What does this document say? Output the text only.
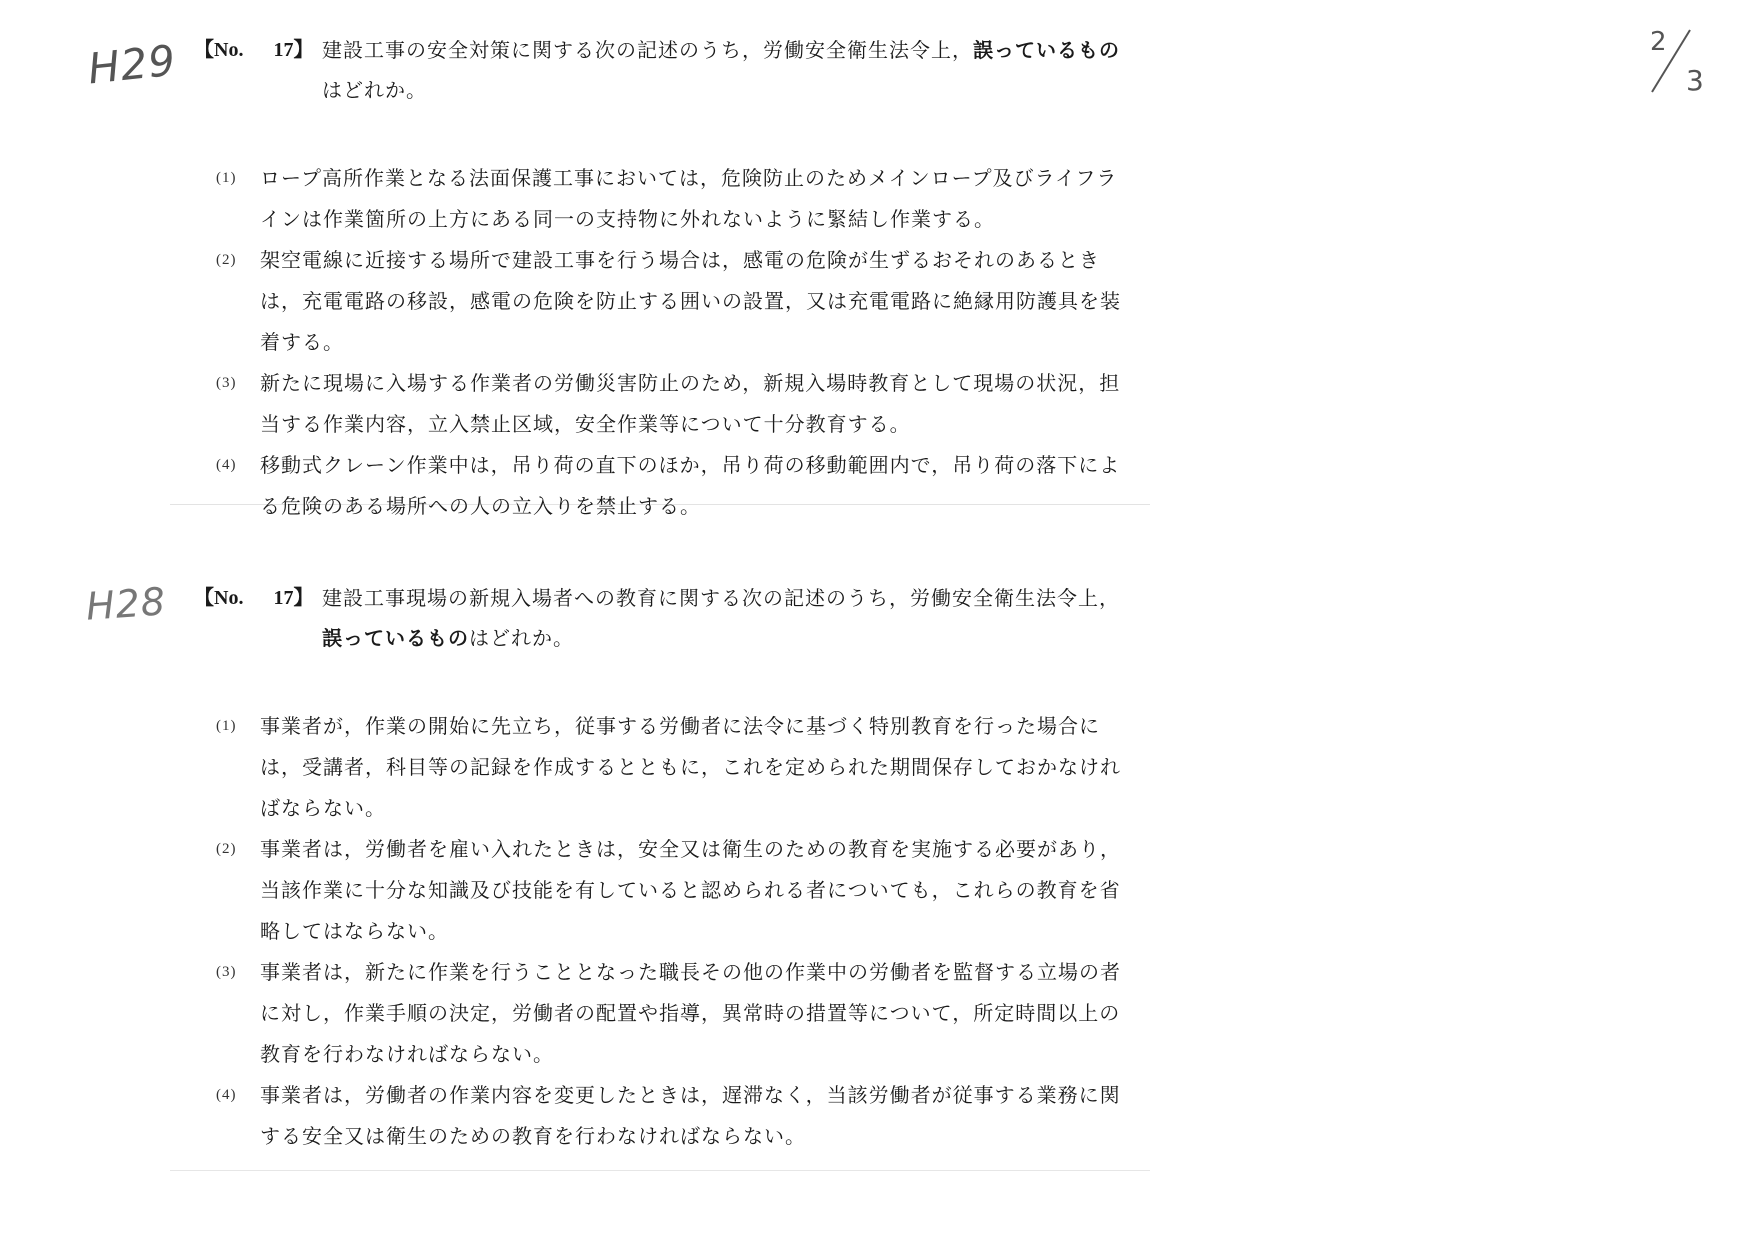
H29
H28
2
3
【No. 17】 建設工事の安全対策に関する次の記述のうち，労働安全衛生法令上，誤っているものはどれか。
(1) ロープ高所作業となる法面保護工事においては，危険防止のためメインロープ及びライフラインは作業箇所の上方にある同一の支持物に外れないように緊結し作業する。
(2) 架空電線に近接する場所で建設工事を行う場合は，感電の危険が生ずるおそれのあるときは，充電電路の移設，感電の危険を防止する囲いの設置，又は充電電路に絶縁用防護具を装着する。
(3) 新たに現場に入場する作業者の労働災害防止のため，新規入場時教育として現場の状況，担当する作業内容，立入禁止区域，安全作業等について十分教育する。
(4) 移動式クレーン作業中は，吊り荷の直下のほか，吊り荷の移動範囲内で，吊り荷の落下による危険のある場所への人の立入りを禁止する。
【No. 17】 建設工事現場の新規入場者への教育に関する次の記述のうち，労働安全衛生法令上，誤っているものはどれか。
(1) 事業者が，作業の開始に先立ち，従事する労働者に法令に基づく特別教育を行った場合には，受講者，科目等の記録を作成するとともに，これを定められた期間保存しておかなければならない。
(2) 事業者は，労働者を雇い入れたときは，安全又は衛生のための教育を実施する必要があり，当該作業に十分な知識及び技能を有していると認められる者についても，これらの教育を省略してはならない。
(3) 事業者は，新たに作業を行うこととなった職長その他の作業中の労働者を監督する立場の者に対し，作業手順の決定，労働者の配置や指導，異常時の措置等について，所定時間以上の教育を行わなければならない。
(4) 事業者は，労働者の作業内容を変更したときは，遅滞なく，当該労働者が従事する業務に関する安全又は衛生のための教育を行わなければならない。
